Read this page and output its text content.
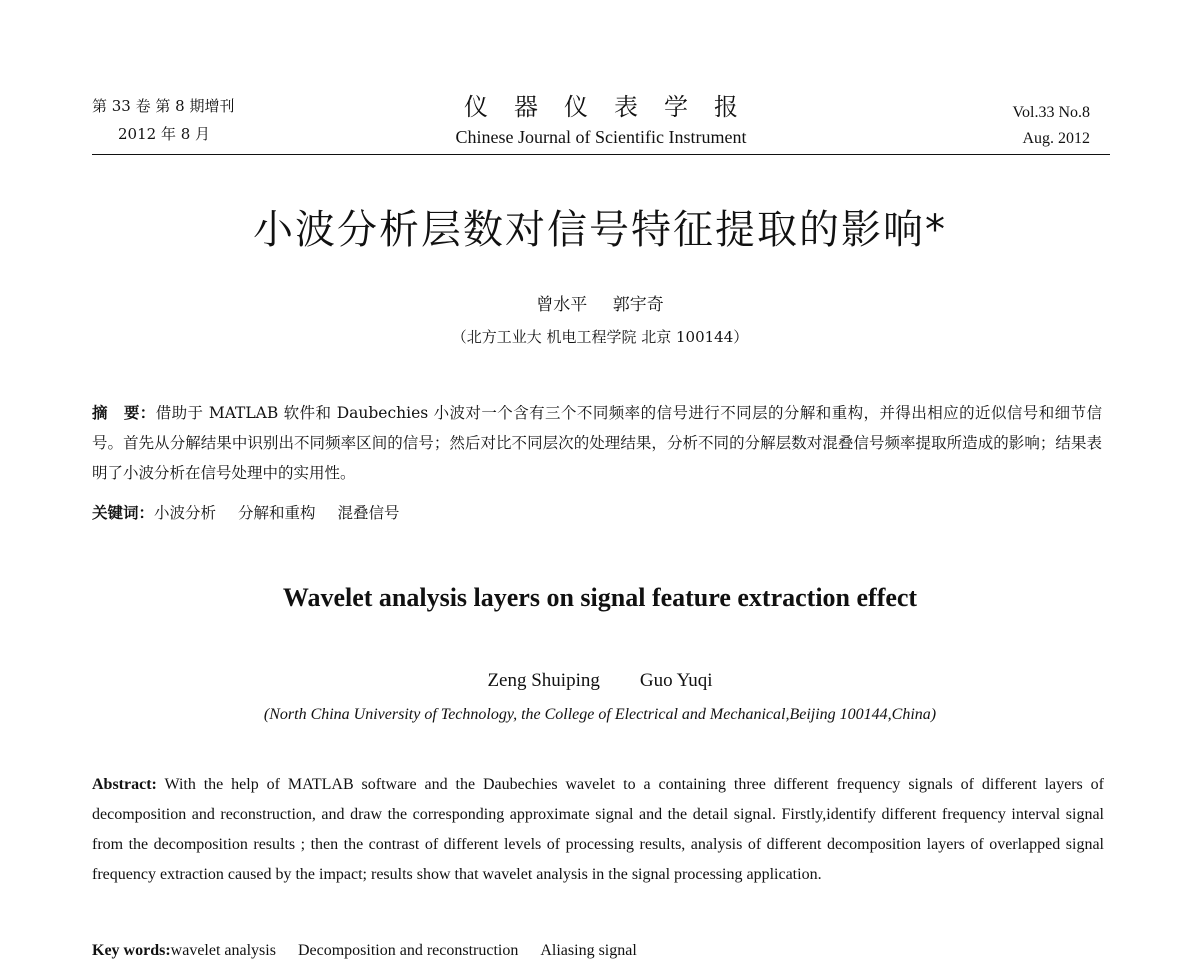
第 33 卷 第 8 期增刊
2012 年 8 月
仪器仪表学报
Chinese Journal of Scientific Instrument
Vol.33 No.8
Aug. 2012
小波分析层数对信号特征提取的影响*
曾水平 郭宇奇
（北方工业大 机电工程学院 北京 100144）
摘　要：借助于 MATLAB 软件和 Daubechies 小波对一个含有三个不同频率的信号进行不同层的分解和重构，并得出相应的近似信号和细节信号。首先从分解结果中识别出不同频率区间的信号；然后对比不同层次的处理结果，分析不同的分解层数对混叠信号频率提取所造成的影响；结果表明了小波分析在信号处理中的实用性。
关键词：小波分析 分解和重构 混叠信号
Wavelet analysis layers on signal feature extraction effect
Zeng Shuiping Guo Yuqi
(North China University of Technology, the College of Electrical and Mechanical,Beijing 100144,China)
Abstract: With the help of MATLAB software and the Daubechies wavelet to a containing three different frequency signals of different layers of decomposition and reconstruction, and draw the corresponding approximate signal and the detail signal. Firstly,identify different frequency interval signal from the decomposition results ; then the contrast of different levels of processing results, analysis of different decomposition layers of overlapped signal frequency extraction caused by the impact; results show that wavelet analysis in the signal processing application.
Key words:wavelet analysis Decomposition and reconstruction Aliasing signal
